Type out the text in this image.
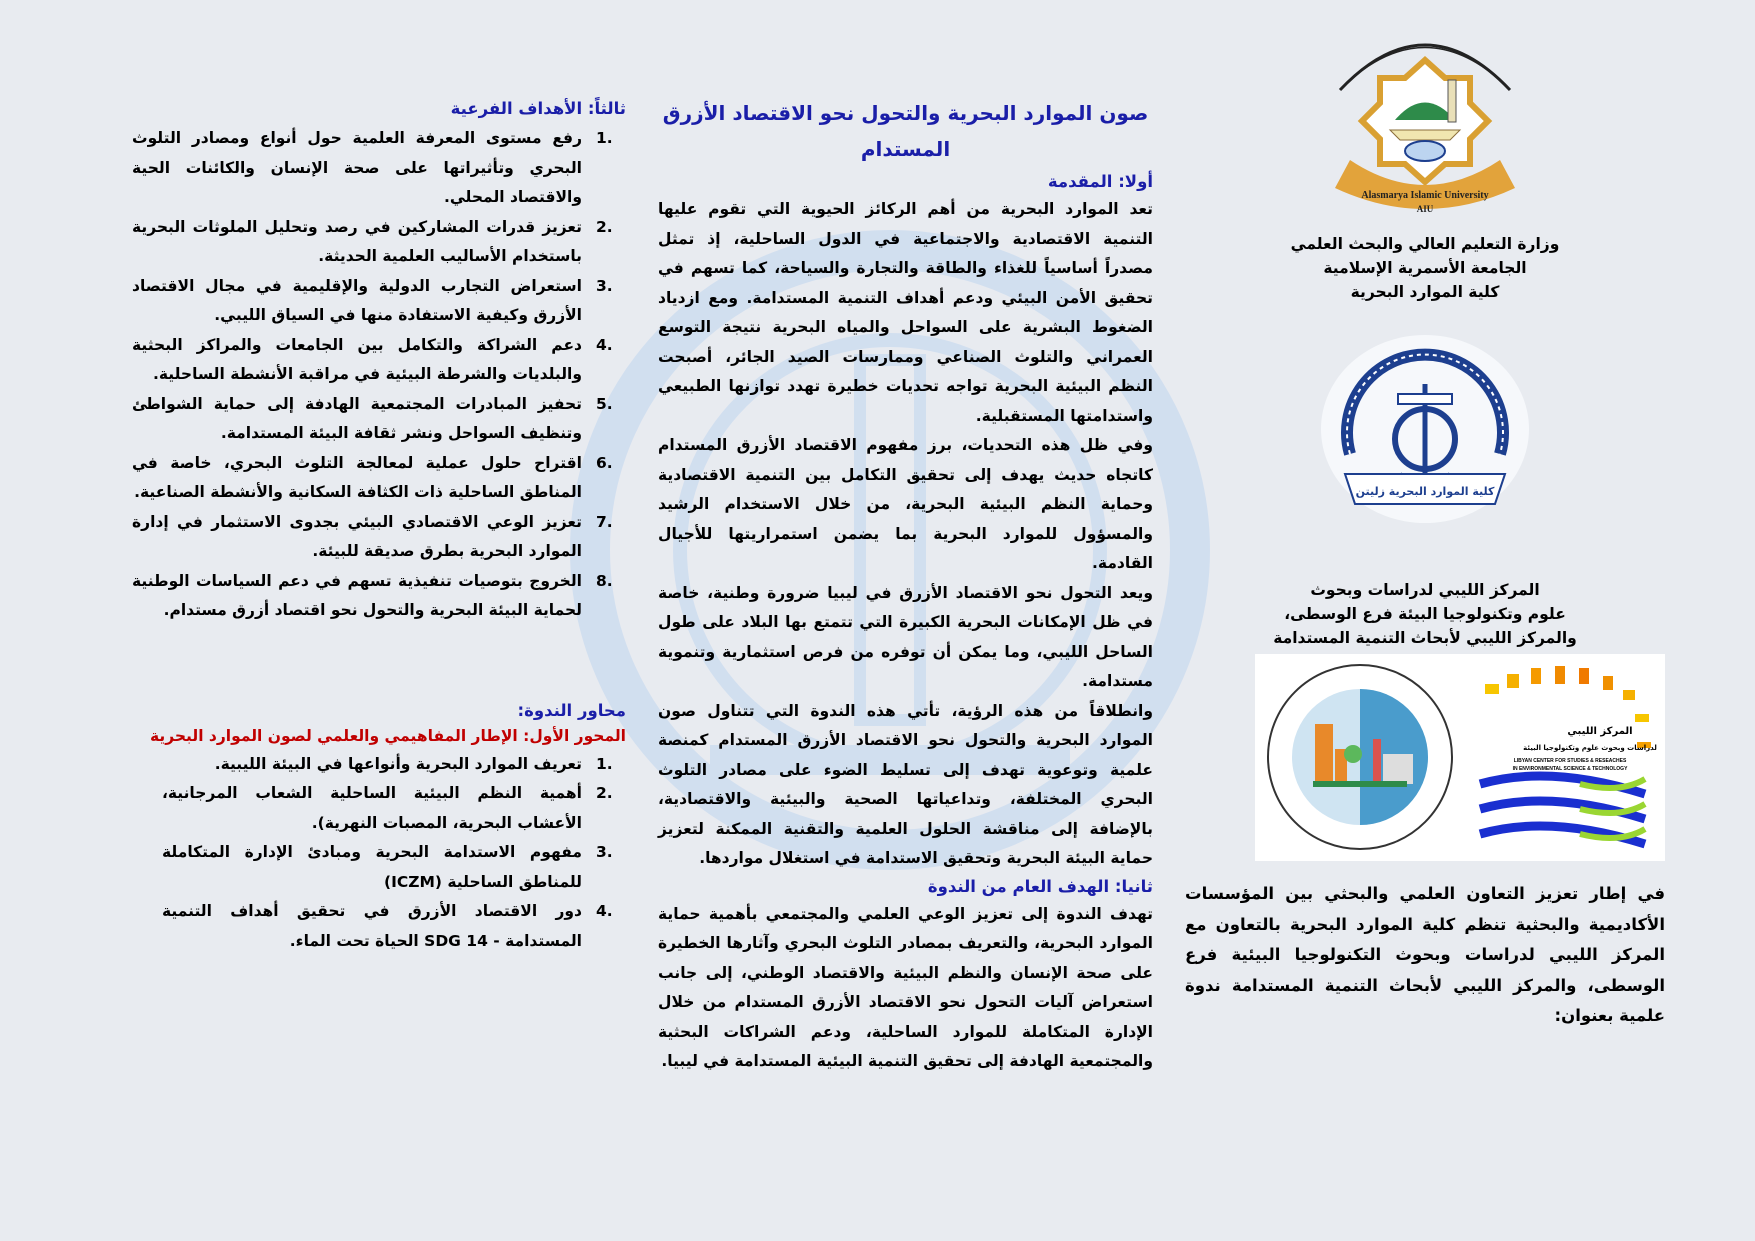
Alasmarya Islamic University
AIU
وزارة التعليم العالي والبحث العلمي
الجامعة الأسمرية الإسلامية
كلية الموارد البحرية
كلية الموارد البحرية زليتن
المركز الليبي لدراسات وبحوث
علوم وتكنولوجيا البيئة فرع الوسطى،
والمركز الليبي لأبحاث التنمية المستدامة
المركز الليبي
لدراسات وبحوث علوم وتكنولوجيا البيئة
LIBYAN CENTER FOR STUDIES & RESEACHES
IN ENVIRONMENTAL SCIENCE & TECHNOLOGY

في إطار تعزيز التعاون العلمي والبحثي بين المؤسسات الأكاديمية والبحثية تنظم كلية الموارد البحرية بالتعاون مع المركز الليبي لدراسات وبحوث التكنولوجيا البيئية فرع الوسطى، والمركز الليبي لأبحاث التنمية المستدامة ندوة علمية بعنوان:

صون الموارد البحرية والتحول نحو الاقتصاد الأزرق
المستدام
أولا: المقدمة

تعد الموارد البحرية من أهم الركائز الحيوية التي تقوم عليها التنمية الاقتصادية والاجتماعية في الدول الساحلية، إذ تمثل مصدراً أساسياً للغذاء والطاقة والتجارة والسياحة، كما تسهم في تحقيق الأمن البيئي ودعم أهداف التنمية المستدامة. ومع ازدياد الضغوط البشرية على السواحل والمياه البحرية نتيجة التوسع العمراني والتلوث الصناعي وممارسات الصيد الجائر، أصبحت النظم البيئية البحرية تواجه تحديات خطيرة تهدد توازنها الطبيعي واستدامتها المستقبلية.

وفي ظل هذه التحديات، برز مفهوم الاقتصاد الأزرق المستدام كاتجاه حديث يهدف إلى تحقيق التكامل بين التنمية الاقتصادية وحماية النظم البيئية البحرية، من خلال الاستخدام الرشيد والمسؤول للموارد البحرية بما يضمن استمراريتها للأجيال القادمة.

ويعد التحول نحو الاقتصاد الأزرق في ليبيا ضرورة وطنية، خاصة في ظل الإمكانات البحرية الكبيرة التي تتمتع بها البلاد على طول الساحل الليبي، وما يمكن أن توفره من فرص استثمارية وتنموية مستدامة.

وانطلاقاً من هذه الرؤية، تأتي هذه الندوة التي تتناول صون الموارد البحرية والتحول نحو الاقتصاد الأزرق المستدام كمنصة علمية وتوعوية تهدف إلى تسليط الضوء على مصادر التلوث البحري المختلفة، وتداعياتها الصحية والبيئية والاقتصادية، بالإضافة إلى مناقشة الحلول العلمية والتقنية الممكنة لتعزيز حماية البيئة البحرية وتحقيق الاستدامة في استغلال مواردها.

ثانيا: الهدف العام من الندوة

تهدف الندوة إلى تعزيز الوعي العلمي والمجتمعي بأهمية حماية الموارد البحرية، والتعريف بمصادر التلوث البحري وآثارها الخطيرة على صحة الإنسان والنظم البيئية والاقتصاد الوطني، إلى جانب استعراض آليات التحول نحو الاقتصاد الأزرق المستدام من خلال الإدارة المتكاملة للموارد الساحلية، ودعم الشراكات البحثية والمجتمعية الهادفة إلى تحقيق التنمية البيئية المستدامة في ليبيا.

ثالثاً: الأهداف الفرعية
رفع مستوى المعرفة العلمية حول أنواع ومصادر التلوث البحري وتأثيراتها على صحة الإنسان والكائنات الحية والاقتصاد المحلي.
تعزيز قدرات المشاركين في رصد وتحليل الملوثات البحرية باستخدام الأساليب العلمية الحديثة.
استعراض التجارب الدولية والإقليمية في مجال الاقتصاد الأزرق وكيفية الاستفادة منها في السياق الليبي.
دعم الشراكة والتكامل بين الجامعات والمراكز البحثية والبلديات والشرطة البيئية في مراقبة الأنشطة الساحلية.
تحفيز المبادرات المجتمعية الهادفة إلى حماية الشواطئ وتنظيف السواحل ونشر ثقافة البيئة المستدامة.
اقتراح حلول عملية لمعالجة التلوث البحري، خاصة في المناطق الساحلية ذات الكثافة السكانية والأنشطة الصناعية.
تعزيز الوعي الاقتصادي البيئي بجدوى الاستثمار في إدارة الموارد البحرية بطرق صديقة للبيئة.
الخروج بتوصيات تنفيذية تسهم في دعم السياسات الوطنية لحماية البيئة البحرية والتحول نحو اقتصاد أزرق مستدام.
محاور الندوة:
المحور الأول: الإطار المفاهيمي والعلمي لصون الموارد البحرية
تعريف الموارد البحرية وأنواعها في البيئة الليبية.
أهمية النظم البيئية الساحلية الشعاب المرجانية، الأعشاب البحرية، المصبات النهرية).
مفهوم الاستدامة البحرية ومبادئ الإدارة المتكاملة للمناطق الساحلية (ICZM)
دور الاقتصاد الأزرق في تحقيق أهداف التنمية المستدامة - SDG 14 الحياة تحت الماء.
